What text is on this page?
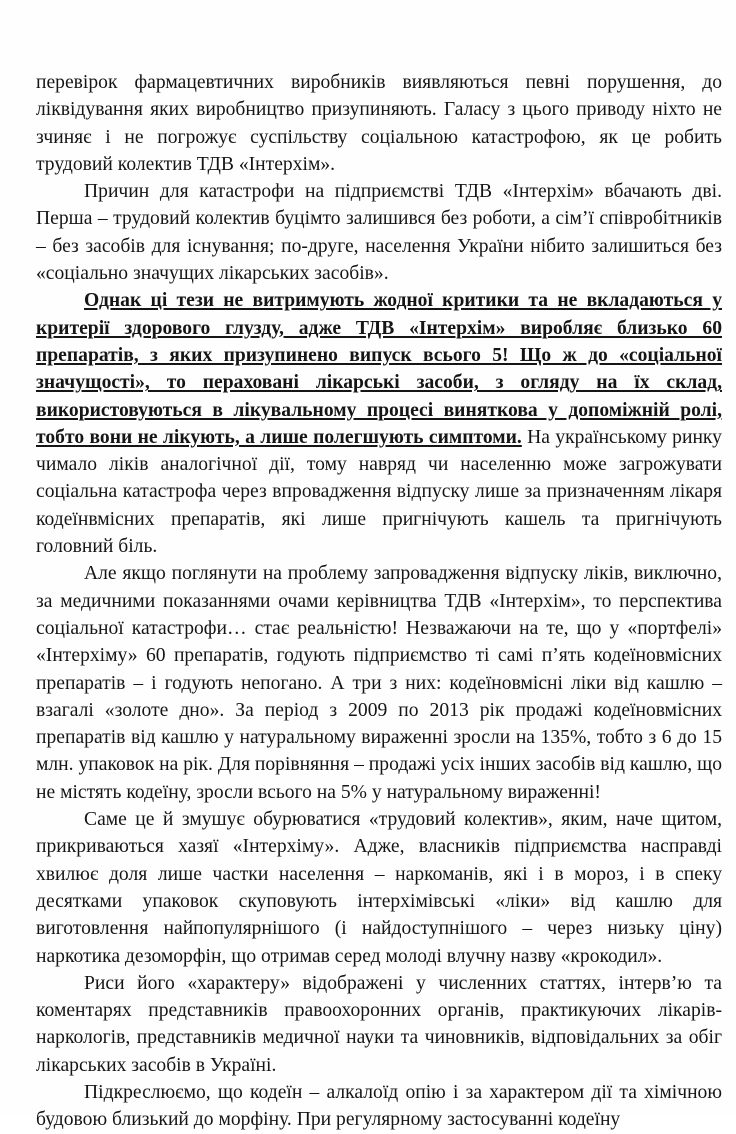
перевірок фармацевтичних виробників виявляються певні порушення, до ліквідування яких виробництво призупиняють. Галасу з цього приводу ніхто не зчиняє і не погрожує суспільству соціальною катастрофою, як це робить трудовий колектив ТДВ «Інтерхім».

Причин для катастрофи на підприємстві ТДВ «Інтерхім» вбачають дві. Перша – трудовий колектив буцімто залишився без роботи, а сім’ї співробітників – без засобів для існування; по-друге, населення України нібито залишиться без «соціально значущих лікарських засобів».

Однак ці тези не витримують жодної критики та не вкладаються у критерії здорового глузду, адже ТДВ «Інтерхім» виробляє близько 60 препаратів, з яких призупинено випуск всього 5! Що ж до «соціальної значущості», то пераховані лікарські засоби, з огляду на їх склад, використовуються в лікувальному процесі виняткова у допоміжній ролі, тобто вони не лікують, а лише полегшують симптоми. На українському ринку чимало ліків аналогічної дії, тому навряд чи населенню може загрожувати соціальна катастрофа через впровадження відпуску лише за призначенням лікаря кодеїнвмісних препаратів, які лише пригнічують кашель та пригнічують головний біль.

Але якщо поглянути на проблему запровадження відпуску ліків, виключно, за медичними показаннями очами керівництва ТДВ «Інтерхім», то перспектива соціальної катастрофи… стає реальністю! Незважаючи на те, що у «портфелі» «Інтерхіму» 60 препаратів, годують підприємство ті самі п’ять кодеїновмісних препаратів – і годують непогано. А три з них: кодеїновмісні ліки від кашлю – взагалі «золоте дно». За період з 2009 по 2013 рік продажі кодеїновмісних препаратів від кашлю у натуральному вираженні зросли на 135%, тобто з 6 до 15 млн. упаковок на рік. Для порівняння – продажі усіх інших засобів від кашлю, що не містять кодеїну, зросли всього на 5% у натуральному вираженні!

Саме це й змушує обурюватися «трудовий колектив», яким, наче щитом, прикриваються хазяї «Інтерхіму». Адже, власників підприємства насправді хвилює доля лише частки населення – наркоманів, які і в мороз, і в спеку десятками упаковок скуповують інтерхімівські «ліки» від кашлю для виготовлення найпопулярнішого (і найдоступнішого – через низьку ціну) наркотика дезоморфін, що отримав серед молоді влучну назву «крокодил».

Риси його «характеру» відображені у численних статтях, інтерв’ю та коментарях представників правоохоронних органів, практикуючих лікарів-наркологів, представників медичної науки та чиновників, відповідальних за обіг лікарських засобів в Україні.

Підкреслюємо, що кодеїн – алкалоїд опію і за характером дії та хімічною будовою близький до морфіну. При регулярному застосуванні кодеїну
